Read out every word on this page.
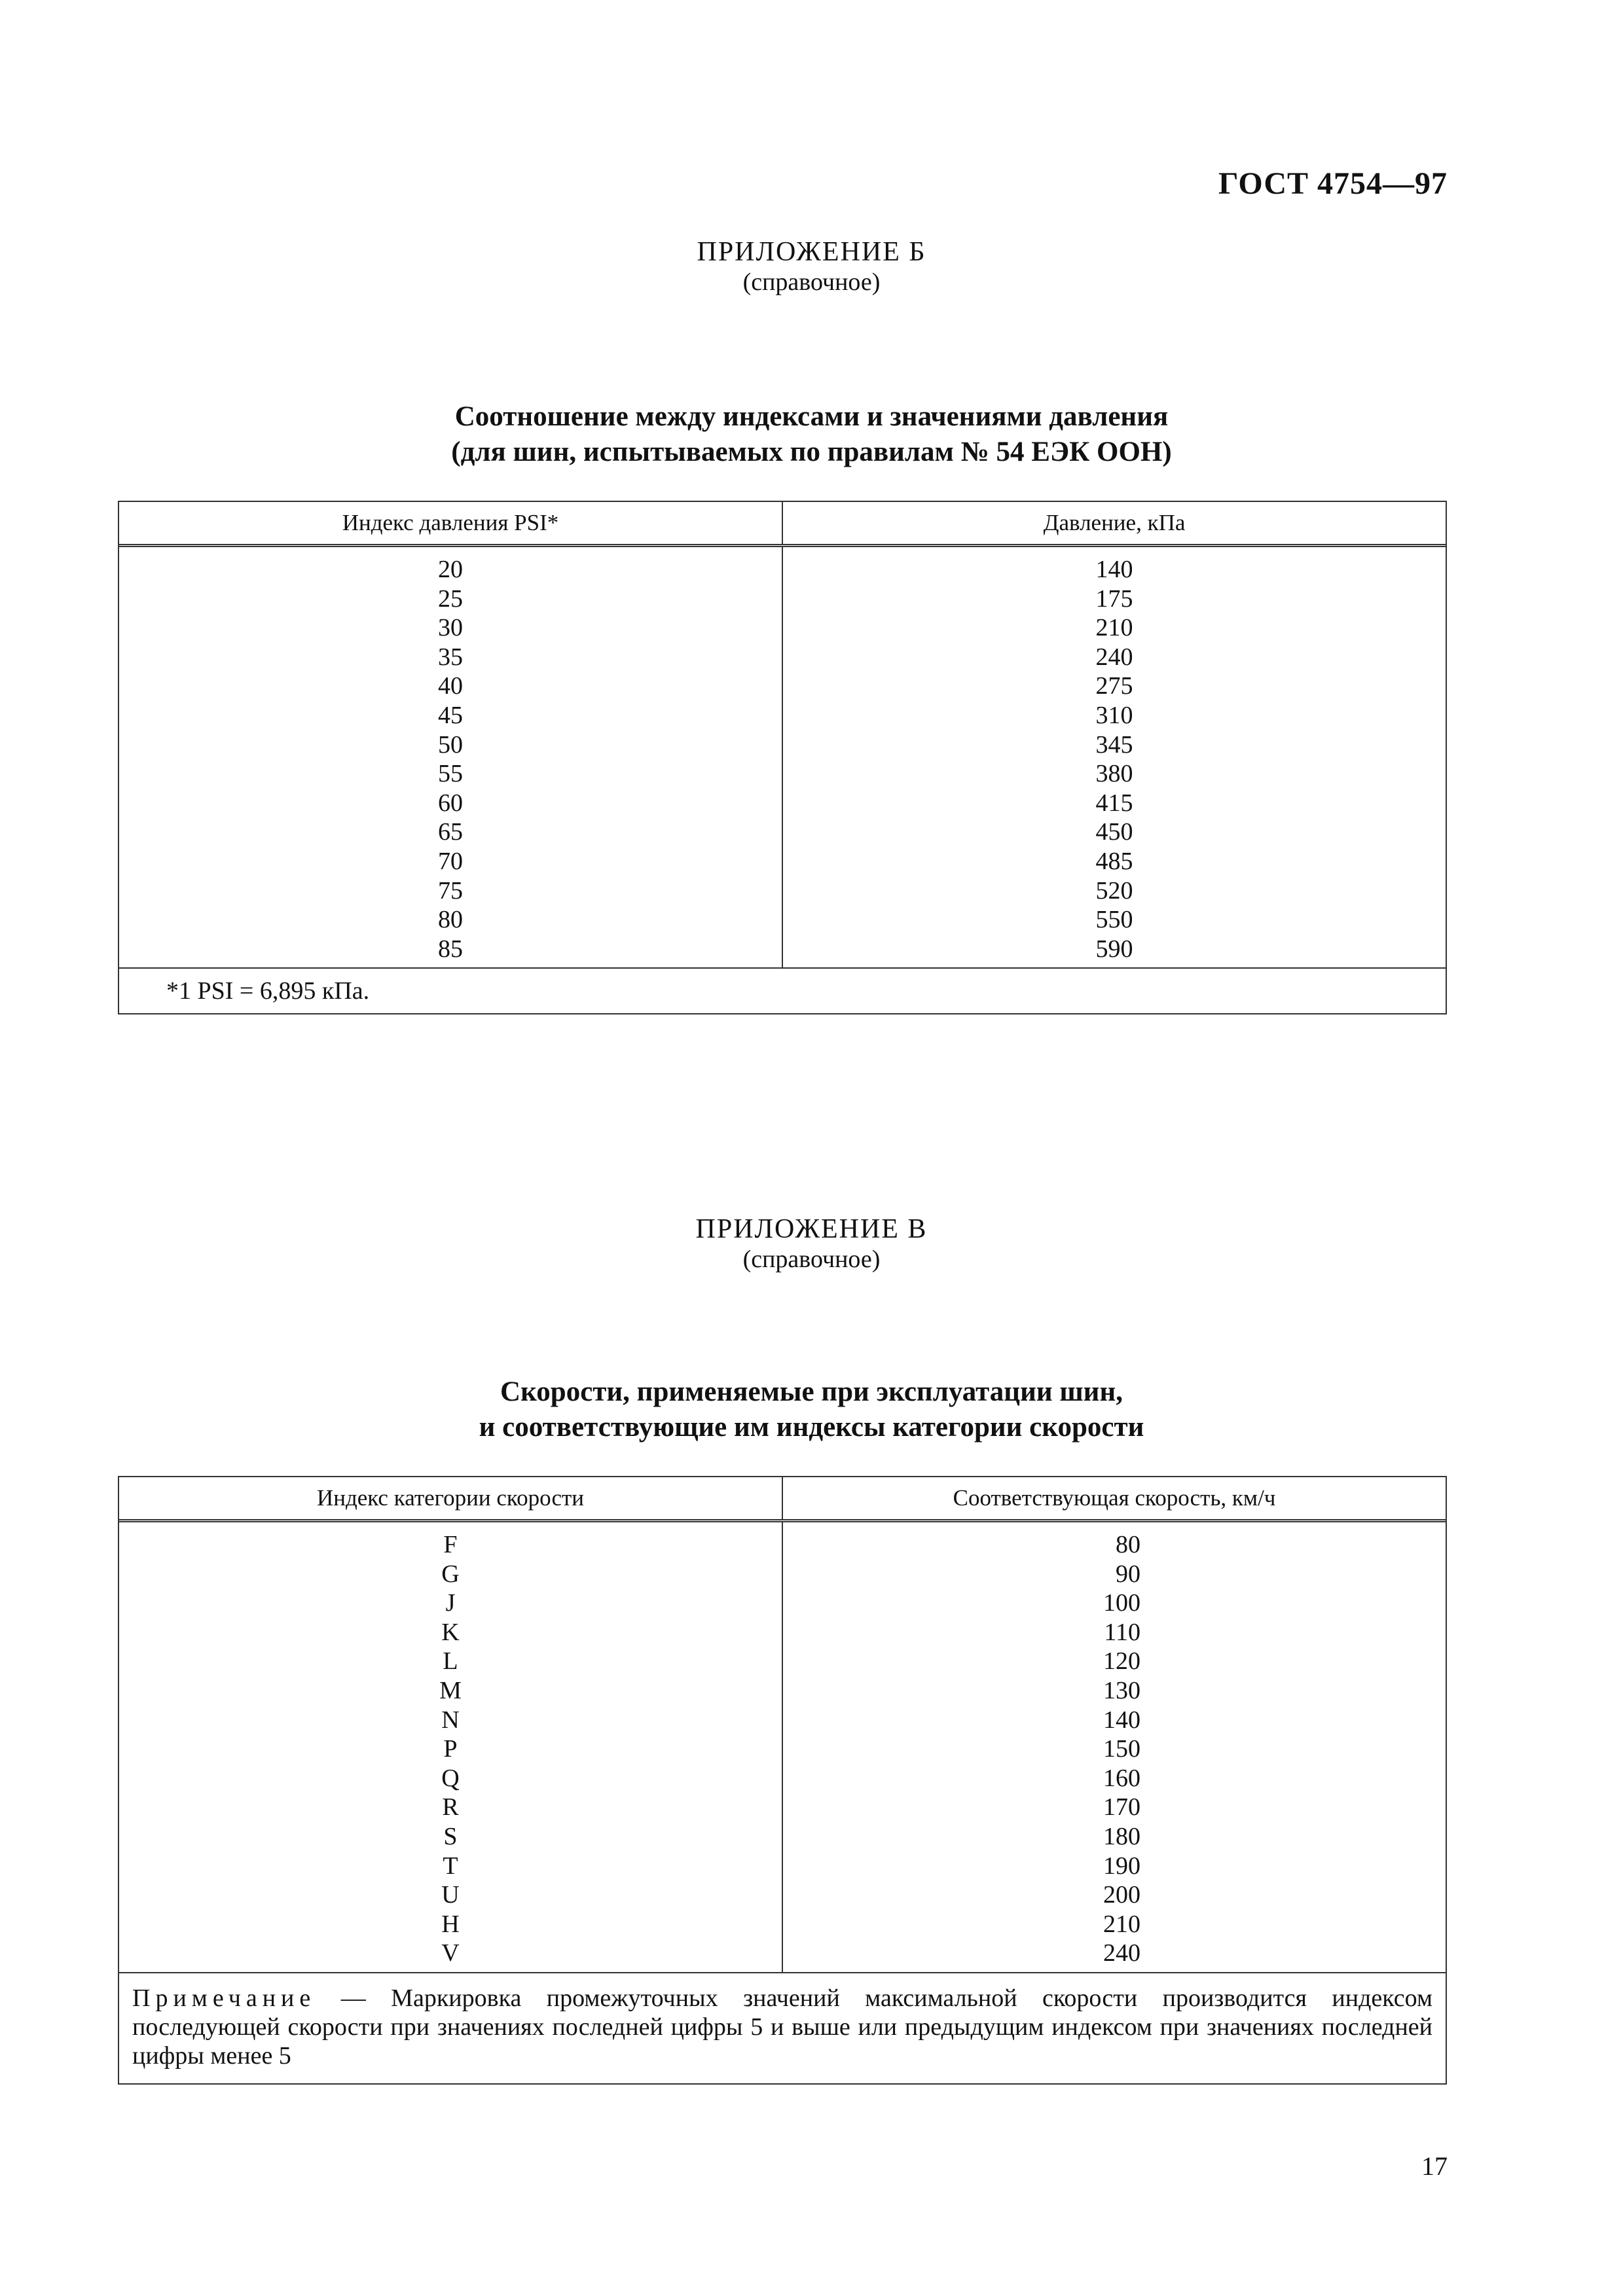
ГОСТ 4754—97
ПРИЛОЖЕНИЕ Б
(справочное)
Соотношение между индексами и значениями давления
(для шин, испытываемых по правилам № 54 ЕЭК ООН)
Индекс давления PSI*	Давление, кПа
20
25
30
35
40
45
50
55
60
65
70
75
80
85
140
175
210
240
275
310
345
380
415
450
485
520
550
590
*1 PSI = 6,895 кПа.
ПРИЛОЖЕНИЕ В
(справочное)
Скорости, применяемые при эксплуатации шин,
и соответствующие им индексы категории скорости
Индекс категории скорости	Соответствующая скорость, км/ч
F
G
J
K
L
M
N
P
Q
R
S
T
U
H
V
80
90
100
110
120
130
140
150
160
170
180
190
200
210
240
Примечание — Маркировка промежуточных значений максимальной скорости производится индексом последующей скорости при значениях последней цифры 5 и выше или предыдущим индексом при значениях последней цифры менее 5
17
